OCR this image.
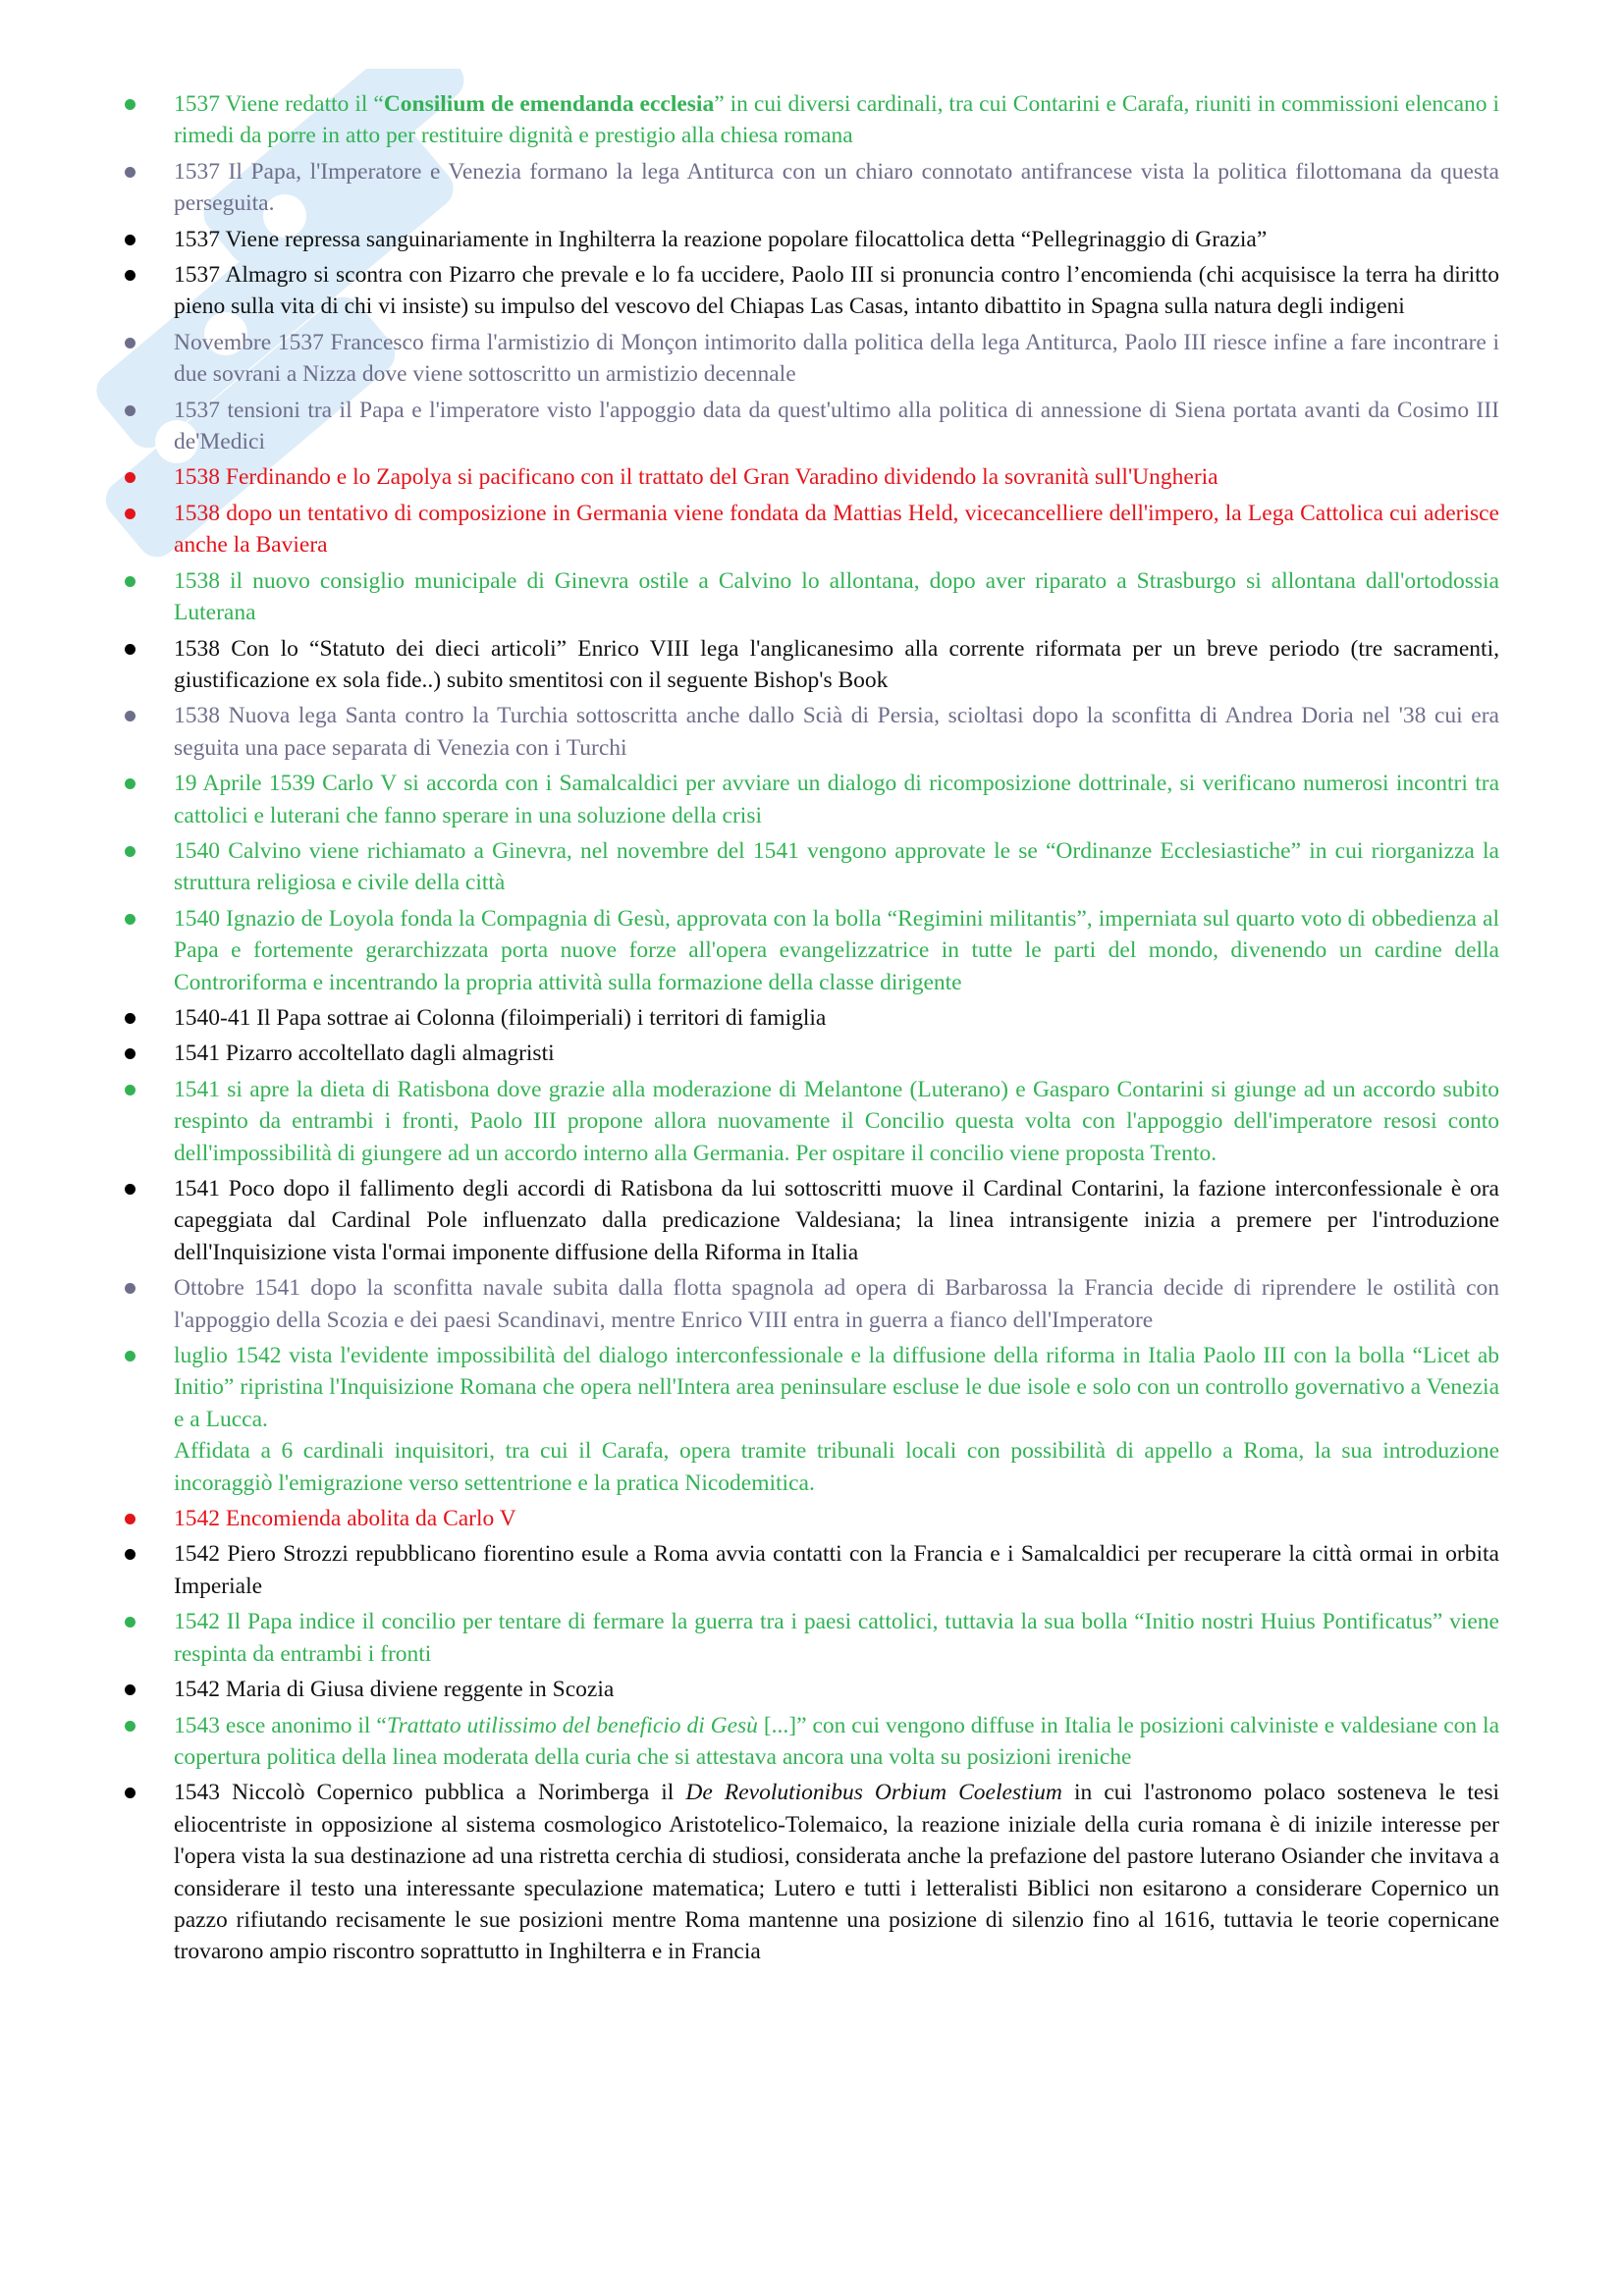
1537 Viene redatto il “Consilium de emendanda ecclesia” in cui diversi cardinali, tra cui Contarini e Carafa, riuniti in commissioni elencano i rimedi da porre in atto per restituire dignità e prestigio alla chiesa romana

1537 Il Papa, l'Imperatore e Venezia formano la lega Antiturca con un chiaro connotato antifrancese vista la politica filottomana da questa perseguita.

1537 Viene repressa sanguinariamente in Inghilterra la reazione popolare filocattolica detta “Pellegrinaggio di Grazia”

1537 Almagro si scontra con Pizarro che prevale e lo fa uccidere, Paolo III si pronuncia contro l’encomienda (chi acquisisce la terra ha diritto pieno sulla vita di chi vi insiste) su impulso del vescovo del Chiapas Las Casas, intanto dibattito in Spagna sulla natura degli indigeni

Novembre 1537 Francesco firma l'armistizio di Monçon intimorito dalla politica della lega Antiturca, Paolo III riesce infine a fare incontrare i due sovrani a Nizza dove viene sottoscritto un armistizio decennale

1537 tensioni tra il Papa e l'imperatore visto l'appoggio data da quest'ultimo alla politica di annessione di Siena portata avanti da Cosimo III de'Medici

1538 Ferdinando e lo Zapolya si pacificano con il trattato del Gran Varadino dividendo la sovranità sull'Ungheria

1538 dopo un tentativo di composizione in Germania viene fondata da Mattias Held, vicecancelliere dell'impero, la Lega Cattolica cui aderisce anche la Baviera

1538 il nuovo consiglio municipale di Ginevra ostile a Calvino lo allontana, dopo aver riparato a Strasburgo si allontana dall'ortodossia Luterana

1538 Con lo “Statuto dei dieci articoli” Enrico VIII lega l'anglicanesimo alla corrente riformata per un breve periodo (tre sacramenti, giustificazione ex sola fide..) subito smentitosi con il seguente Bishop's Book

1538 Nuova lega Santa contro la Turchia sottoscritta anche dallo Scià di Persia, scioltasi dopo la sconfitta di Andrea Doria nel '38 cui era seguita una pace separata di Venezia con i Turchi

19 Aprile 1539 Carlo V si accorda con i Samalcaldici per avviare un dialogo di ricomposizione dottrinale, si verificano numerosi incontri tra cattolici e luterani che fanno sperare in una soluzione della crisi

1540 Calvino viene richiamato a Ginevra, nel novembre del 1541 vengono approvate le se “Ordinanze Ecclesiastiche” in cui riorganizza la struttura religiosa e civile della città

1540 Ignazio de Loyola fonda la Compagnia di Gesù, approvata con la bolla “Regimini militantis”, imperniata sul quarto voto di obbedienza al Papa e fortemente gerarchizzata porta nuove forze all'opera evangelizzatrice in tutte le parti del mondo, divenendo un cardine della Controriforma e incentrando la propria attività sulla formazione della classe dirigente

1540-41 Il Papa sottrae ai Colonna (filoimperiali) i territori di famiglia

1541 Pizarro accoltellato dagli almagristi

1541 si apre la dieta di Ratisbona dove grazie alla moderazione di Melantone (Luterano) e Gasparo Contarini si giunge ad un accordo subito respinto da entrambi i fronti, Paolo III propone allora nuovamente il Concilio questa volta con l'appoggio dell'imperatore resosi conto dell'impossibilità di giungere ad un accordo interno alla Germania. Per ospitare il concilio viene proposta Trento.

1541 Poco dopo il fallimento degli accordi di Ratisbona da lui sottoscritti muove il Cardinal Contarini, la fazione interconfessionale è ora capeggiata dal Cardinal Pole influenzato dalla predicazione Valdesiana; la linea intransigente inizia a premere per l'introduzione dell'Inquisizione vista l'ormai imponente diffusione della Riforma in Italia

Ottobre 1541 dopo la sconfitta navale subita dalla flotta spagnola ad opera di Barbarossa la Francia decide di riprendere le ostilità con l'appoggio della Scozia e dei paesi Scandinavi, mentre Enrico VIII entra in guerra a fianco dell'Imperatore

luglio 1542 vista l'evidente impossibilità del dialogo interconfessionale e la diffusione della riforma in Italia Paolo III con la bolla “Licet ab Initio” ripristina l'Inquisizione Romana che opera nell'Intera area peninsulare escluse le due isole e solo con un controllo governativo a Venezia e a Lucca.

Affidata a 6 cardinali inquisitori, tra cui il Carafa, opera tramite tribunali locali con possibilità di appello a Roma, la sua introduzione incoraggiò l'emigrazione verso settentrione e la pratica Nicodemitica.

1542 Encomienda abolita da Carlo V

1542 Piero Strozzi repubblicano fiorentino esule a Roma avvia contatti con la Francia e i Samalcaldici per recuperare la città ormai in orbita Imperiale

1542 Il Papa indice il concilio per tentare di fermare la guerra tra i paesi cattolici, tuttavia la sua bolla “Initio nostri Huius Pontificatus” viene respinta da entrambi i fronti

1542 Maria di Giusa diviene reggente in Scozia

1543 esce anonimo il “Trattato utilissimo del beneficio di Gesù [...]” con cui vengono diffuse in Italia le posizioni calviniste e valdesiane con la copertura politica della linea moderata della curia che si attestava ancora una volta su posizioni ireniche

1543 Niccolò Copernico pubblica a Norimberga il De Revolutionibus Orbium Coelestium in cui l'astronomo polaco sosteneva le tesi eliocentriste in opposizione al sistema cosmologico Aristotelico-Tolemaico, la reazione iniziale della curia romana è di inizile interesse per l'opera vista la sua destinazione ad una ristretta cerchia di studiosi, considerata anche la prefazione del pastore luterano Osiander che invitava a considerare il testo una interessante speculazione matematica; Lutero e tutti i letteralisti Biblici non esitarono a considerare Copernico un pazzo rifiutando recisamente le sue posizioni mentre Roma mantenne una posizione di silenzio fino al 1616, tuttavia le teorie copernicane trovarono ampio riscontro soprattutto in Inghilterra e in Francia
